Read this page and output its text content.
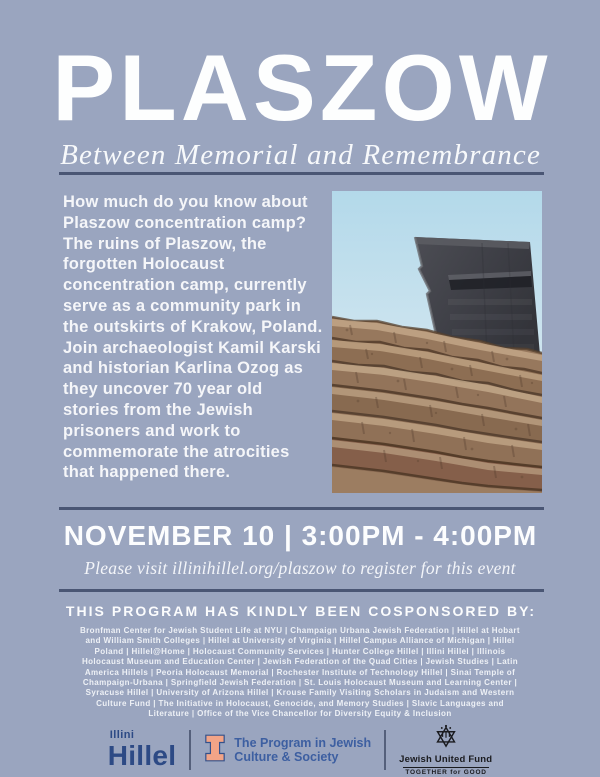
PLASZOW
Between Memorial and Remembrance
How much do you know about
Plaszow concentration camp?
The ruins of Plaszow, the
forgotten Holocaust
concentration camp, currently
serve as a community park in
the outskirts of Krakow, Poland.
Join archaeologist Kamil Karski
and historian Karlina Ozog as
they uncover 70 year old
stories from the Jewish
prisoners and work to
commemorate the atrocities
that happened there.
NOVEMBER 10 | 3:00PM - 4:00PM
Please visit illinihillel.org/plaszow to register for this event
THIS PROGRAM HAS KINDLY BEEN COSPONSORED BY:
Bronfman Center for Jewish Student Life at NYU | Champaign Urbana Jewish Federation | Hillel at Hobart
and William Smith Colleges | Hillel at University of Virginia | Hillel Campus Alliance of Michigan | Hillel
Poland | Hillel@Home | Holocaust Community Services | Hunter College Hillel | Illini Hillel | Illinois
Holocaust Museum and Education Center | Jewish Federation of the Quad Cities | Jewish Studies | Latin
America Hillels | Peoria Holocaust Memorial | Rochester Institute of Technology Hillel | Sinai Temple of
Champaign-Urbana | Springfield Jewish Federation | St. Louis Holocaust Museum and Learning Center |
Syracuse Hillel | University of Arizona Hillel | Krouse Family Visiting Scholars in Judaism and Western
Culture Fund | The Initiative in Holocaust, Genocide, and Memory Studies | Slavic Languages and
Literature | Office of the Vice Chancellor for Diversity Equity & Inclusion
Illini
Hillel	The Program in Jewish
Culture & Society	Jewish United Fund
TOGETHER for GOOD
